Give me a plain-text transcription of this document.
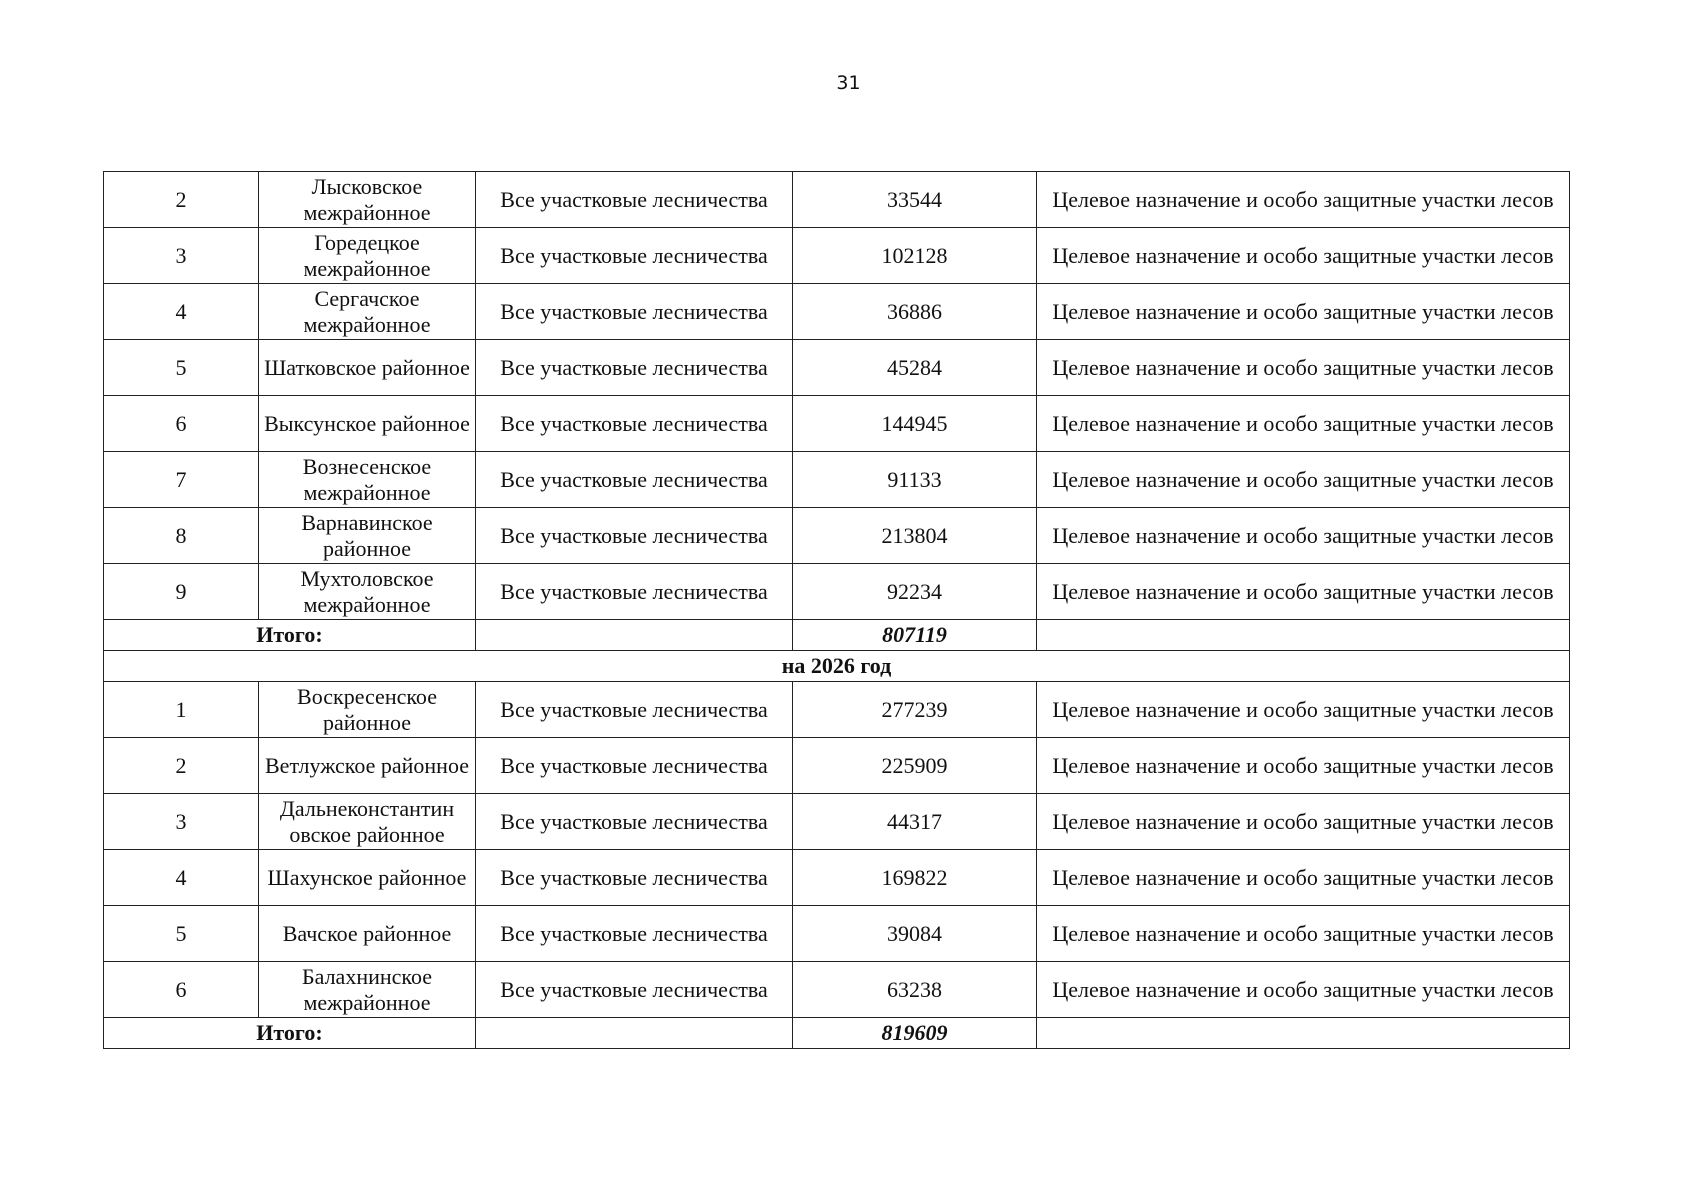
31
2	Лысковское межрайонное	Все участковые лесничества	33544	Целевое назначение и особо защитные участки лесов
3	Горедецкое межрайонное	Все участковые лесничества	102128	Целевое назначение и особо защитные участки лесов
4	Сергачское межрайонное	Все участковые лесничества	36886	Целевое назначение и особо защитные участки лесов
5	Шатковское районное	Все участковые лесничества	45284	Целевое назначение и особо защитные участки лесов
6	Выксунское районное	Все участковые лесничества	144945	Целевое назначение и особо защитные участки лесов
7	Вознесенское межрайонное	Все участковые лесничества	91133	Целевое назначение и особо защитные участки лесов
8	Варнавинское районное	Все участковые лесничества	213804	Целевое назначение и особо защитные участки лесов
9	Мухтоловское межрайонное	Все участковые лесничества	92234	Целевое назначение и особо защитные участки лесов
Итого:			807119	
на 2026 год				
1	Воскресенское районное	Все участковые лесничества	277239	Целевое назначение и особо защитные участки лесов
2	Ветлужское районное	Все участковые лесничества	225909	Целевое назначение и особо защитные участки лесов
3	Дальнеконстантин овское районное	Все участковые лесничества	44317	Целевое назначение и особо защитные участки лесов
4	Шахунское районное	Все участковые лесничества	169822	Целевое назначение и особо защитные участки лесов
5	Вачское районное	Все участковые лесничества	39084	Целевое назначение и особо защитные участки лесов
6	Балахнинское межрайонное	Все участковые лесничества	63238	Целевое назначение и особо защитные участки лесов
Итого:			819609	
